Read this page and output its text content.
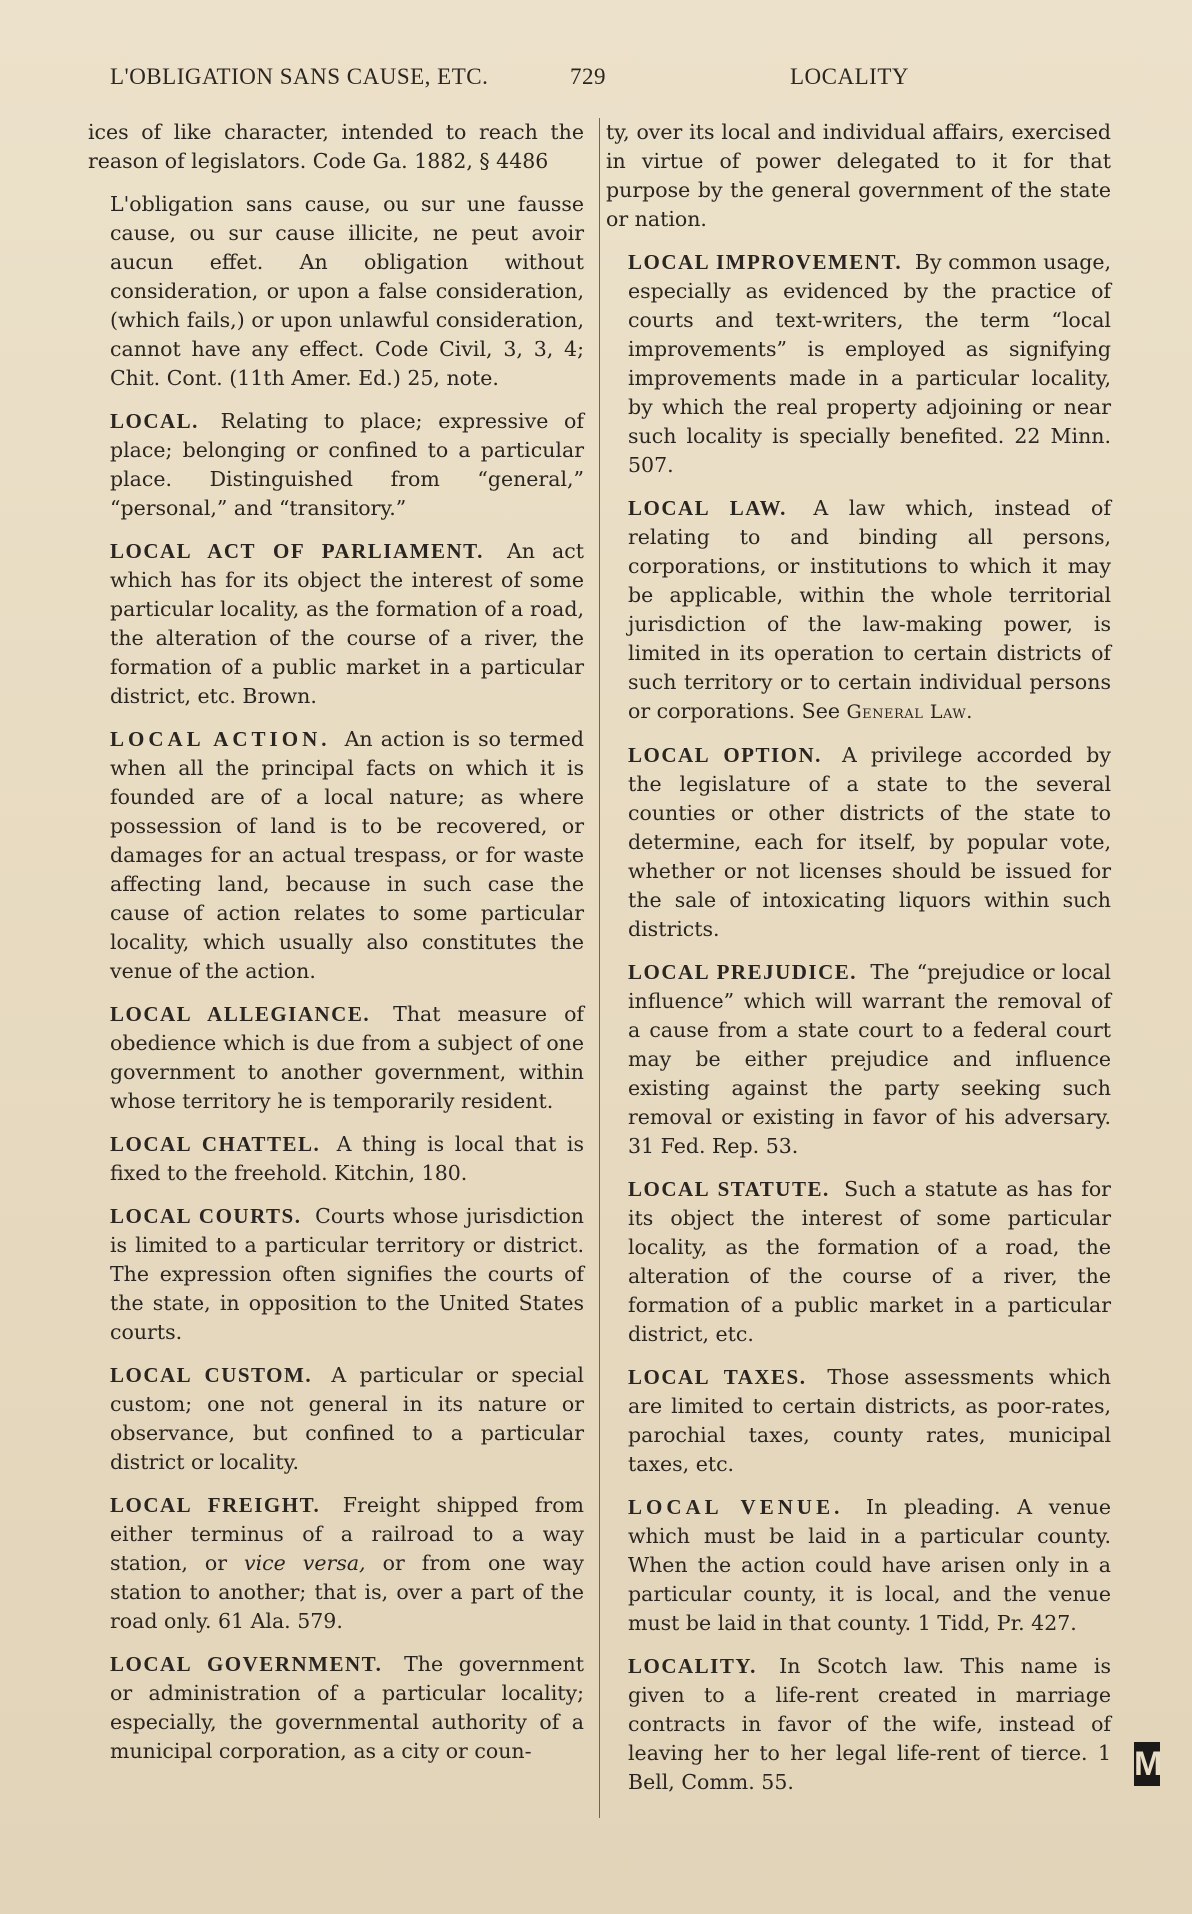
L'OBLIGATION SANS CAUSE, ETC.	729	LOCALITY

ices of like character, intended to reach the reason of legislators. Code Ga. 1882, § 4486

L'obligation sans cause, ou sur une fausse cause, ou sur cause illicite, ne peut avoir aucun effet. An obligation without consideration, or upon a false consideration, (which fails,) or upon unlawful consideration, cannot have any effect. Code Civil, 3, 3, 4; Chit. Cont. (11th Amer. Ed.) 25, note.

LOCAL. Relating to place; expressive of place; belonging or confined to a particular place. Distinguished from “general,” “personal,” and “transitory.”

LOCAL ACT OF PARLIAMENT. An act which has for its object the interest of some particular locality, as the formation of a road, the alteration of the course of a river, the formation of a public market in a particular district, etc. Brown.

LOCAL ACTION. An action is so termed when all the principal facts on which it is founded are of a local nature; as where possession of land is to be recovered, or damages for an actual trespass, or for waste affecting land, because in such case the cause of action relates to some particular locality, which usually also constitutes the venue of the action.

LOCAL ALLEGIANCE. That measure of obedience which is due from a subject of one government to another government, within whose territory he is temporarily resident.

LOCAL CHATTEL. A thing is local that is fixed to the freehold. Kitchin, 180.

LOCAL COURTS. Courts whose jurisdiction is limited to a particular territory or district. The expression often signifies the courts of the state, in opposition to the United States courts.

LOCAL CUSTOM. A particular or special custom; one not general in its nature or observance, but confined to a particular district or locality.

LOCAL FREIGHT. Freight shipped from either terminus of a railroad to a way station, or vice versa, or from one way station to another; that is, over a part of the road only. 61 Ala. 579.

LOCAL GOVERNMENT. The government or administration of a particular locality; especially, the governmental authority of a municipal corporation, as a city or coun-

ty, over its local and individual affairs, exercised in virtue of power delegated to it for that purpose by the general government of the state or nation.

LOCAL IMPROVEMENT. By common usage, especially as evidenced by the practice of courts and text-writers, the term “local improvements” is employed as signifying improvements made in a particular locality, by which the real property adjoining or near such locality is specially benefited. 22 Minn. 507.

LOCAL LAW. A law which, instead of relating to and binding all persons, corporations, or institutions to which it may be applicable, within the whole territorial jurisdiction of the law-making power, is limited in its operation to certain districts of such territory or to certain individual persons or corporations. See General Law.

LOCAL OPTION. A privilege accorded by the legislature of a state to the several counties or other districts of the state to determine, each for itself, by popular vote, whether or not licenses should be issued for the sale of intoxicating liquors within such districts.

LOCAL PREJUDICE. The “prejudice or local influence” which will warrant the removal of a cause from a state court to a federal court may be either prejudice and influence existing against the party seeking such removal or existing in favor of his adversary. 31 Fed. Rep. 53.

LOCAL STATUTE. Such a statute as has for its object the interest of some particular locality, as the formation of a road, the alteration of the course of a river, the formation of a public market in a particular district, etc.

LOCAL TAXES. Those assessments which are limited to certain districts, as poor-rates, parochial taxes, county rates, municipal taxes, etc.

LOCAL VENUE. In pleading. A venue which must be laid in a particular county. When the action could have arisen only in a particular county, it is local, and the venue must be laid in that county. 1 Tidd, Pr. 427.

LOCALITY. In Scotch law. This name is given to a life-rent created in marriage contracts in favor of the wife, instead of leaving her to her legal life-rent of tierce. 1 Bell, Comm. 55.	M
